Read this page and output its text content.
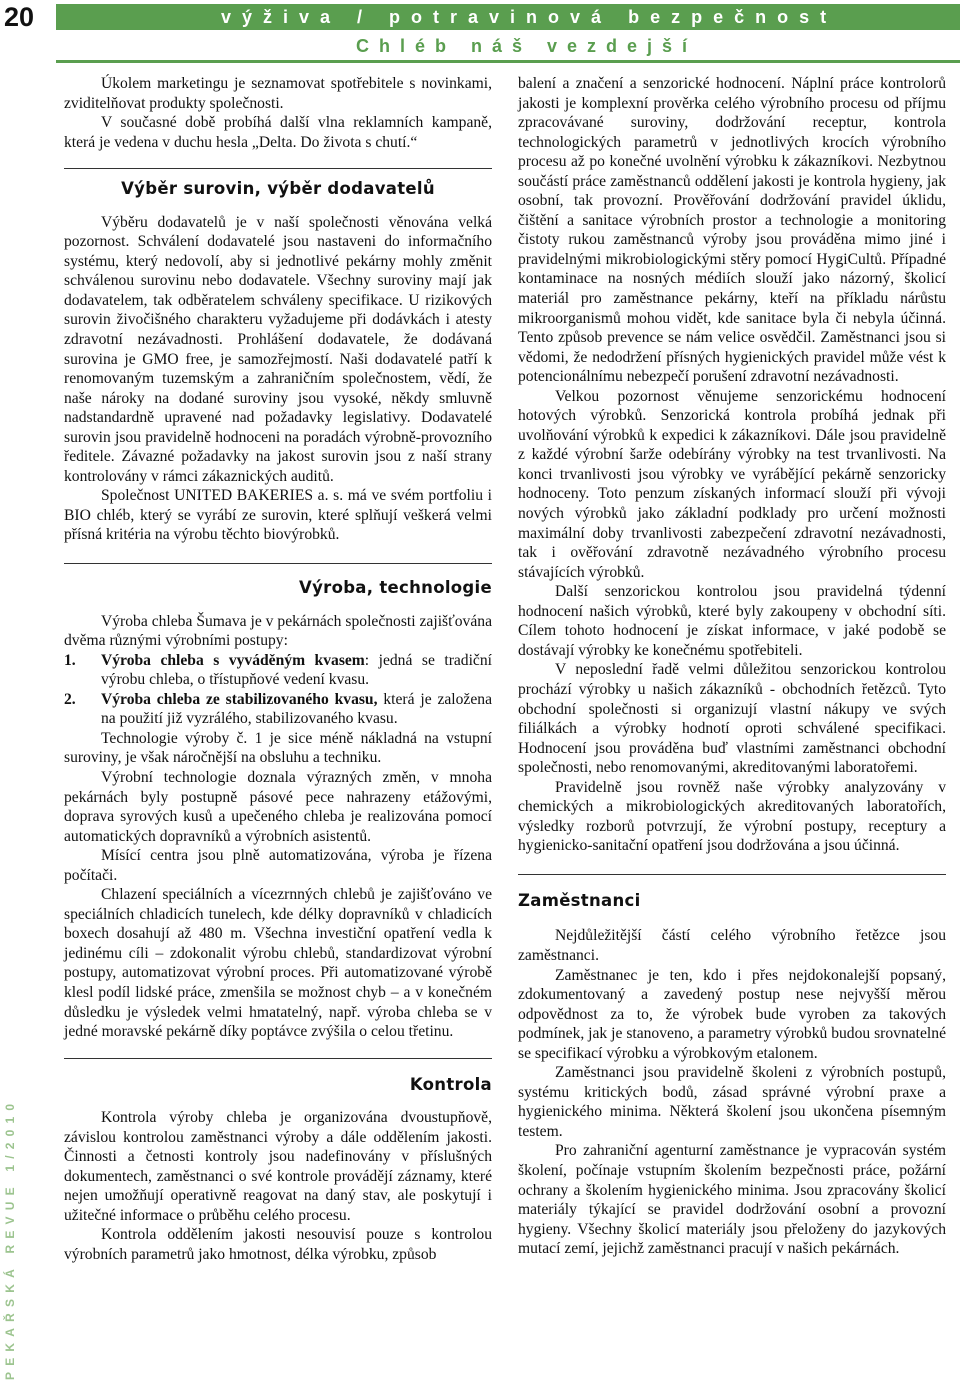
20	výživa / potravinová bezpečnost
Chléb náš vezdejší
PEKAŘSKÁ REVUE 1/2010

Úkolem marketingu je seznamovat spotřebitele s novinkami, zviditelňovat produkty společnosti.

V současné době probíhá další vlna reklamních kampaně, která je vedena v duchu hesla „Delta. Do života s chutí.“

Výběr surovin, výběr dodavatelů

Výběru dodavatelů je v naší společnosti věnována velká pozornost. Schválení dodavatelé jsou nastaveni do informačního systému, který nedovolí, aby si jednotlivé pekárny mohly změnit schválenou surovinu nebo dodavatele. Všechny suroviny mají jak dodavatelem, tak odběratelem schváleny specifikace. U rizikových surovin živočišného charakteru vyžadujeme při dodávkách i atesty zdravotní nezávadnosti. Prohlášení dodavatele, že dodávaná surovina je GMO free, je samozřejmostí. Naši dodavatelé patří k renomovaným tuzemským a zahraničním společnostem, vědí, že naše nároky na dodané suroviny jsou vysoké, někdy smluvně nadstandardně upravené nad požadavky legislativy. Dodavatelé surovin jsou pravidelně hodnoceni na poradách výrobně-provozního ředitele. Závazné požadavky na jakost surovin jsou z naší strany kontrolovány v rámci zákaznických auditů.

Společnost UNITED BAKERIES a. s. má ve svém portfoliu i BIO chléb, který se vyrábí ze surovin, které splňují veškerá velmi přísná kritéria na výrobu těchto biovýrobků.

Výroba, technologie

Výroba chleba Šumava je v pekárnách společnosti zajišťována dvěma různými výrobními postupy:

1. Výroba chleba s vyváděným kvasem: jedná se tradiční výrobu chleba, o třístupňové vedení kvasu.
2. Výroba chleba ze stabilizovaného kvasu, která je založena na použití již vyzrálého, stabilizovaného kvasu.

Technologie výroby č. 1 je sice méně nákladná na vstupní suroviny, je však náročnější na obsluhu a techniku.

Výrobní technologie doznala výrazných změn, v mnoha pekárnách byly postupně pásové pece nahrazeny etážovými, doprava syrových kusů a upečeného chleba je realizována pomocí automatických dopravníků a výrobních asistentů.

Mísící centra jsou plně automatizována, výroba je řízena počítači.

Chlazení speciálních a vícezrnných chlebů je zajišťováno ve speciálních chladicích tunelech, kde délky dopravníků v chladicích boxech dosahují až 480 m. Všechna investiční opatření vedla k jedinému cíli – zdokonalit výrobu chlebů, standardizovat výrobní postupy, automatizovat výrobní proces. Při automatizované výrobě klesl podíl lidské práce, zmenšila se možnost chyb – a v konečném důsledku je výsledek velmi hmatatelný, např. výroba chleba se v jedné moravské pekárně díky poptávce zvýšila o celou třetinu.

Kontrola

Kontrola výroby chleba je organizována dvoustupňově, závislou kontrolou zaměstnanci výroby a dále oddělením jakosti. Činnosti a četnosti kontroly jsou nadefinovány v příslušných dokumentech, zaměstnanci o své kontrole provádějí záznamy, které nejen umožňují operativně reagovat na daný stav, ale poskytují i užitečné informace o průběhu celého procesu.

Kontrola oddělením jakosti nesouvisí pouze s kontrolou výrobních parametrů jako hmotnost, délka výrobku, způsob

balení a značení a senzorické hodnocení. Náplní práce kontrolorů jakosti je komplexní prověrka celého výrobního procesu od příjmu zpracovávané suroviny, dodržování receptur, kontrola technologických parametrů v jednotlivých krocích výrobního procesu až po konečné uvolnění výrobku k zákazníkovi. Nezbytnou součástí práce zaměstnanců oddělení jakosti je kontrola hygieny, jak osobní, tak provozní. Prověřování dodržování pravidel úklidu, čištění a sanitace výrobních prostor a technologie a monitoring čistoty rukou zaměstnanců výroby jsou prováděna mimo jiné i pravidelnými mikrobiologickými stěry pomocí HygiCultů. Případné kontaminace na nosných médiích slouží jako názorný, školicí materiál pro zaměstnance pekárny, kteří na příkladu nárůstu mikroorganismů mohou vidět, kde sanitace byla či nebyla účinná. Tento způsob prevence se nám velice osvědčil. Zaměstnanci jsou si vědomi, že nedodržení přísných hygienických pravidel může vést k potencionálnímu nebezpečí porušení zdravotní nezávadnosti.

Velkou pozornost věnujeme senzorickému hodnocení hotových výrobků. Senzorická kontrola probíhá jednak při uvolňování výrobků k expedici k zákazníkovi. Dále jsou pravidelně z každé výrobní šarže odebírány výrobky na test trvanlivosti. Na konci trvanlivosti jsou výrobky ve vyrábějící pekárně senzoricky hodnoceny. Toto penzum získaných informací slouží při vývoji nových výrobků jako základní podklady pro určení možnosti maximální doby trvanlivosti zabezpečení zdravotní nezávadnosti, tak i ověřování zdravotně nezávadného výrobního procesu stávajících výrobků.

Další senzorickou kontrolou jsou pravidelná týdenní hodnocení našich výrobků, které byly zakoupeny v obchodní síti. Cílem tohoto hodnocení je získat informace, v jaké podobě se dostávají výrobky ke konečnému spotřebiteli.

V neposlední řadě velmi důležitou senzorickou kontrolou prochází výrobky u našich zákazníků - obchodních řetězců. Tyto obchodní společnosti si organizují vlastní nákupy ve svých filiálkách a výrobky hodnotí oproti schválené specifikaci. Hodnocení jsou prováděna buď vlastními zaměstnanci obchodní společnosti, nebo renomovanými, akreditovanými laboratořemi.

Pravidelně jsou rovněž naše výrobky analyzovány v chemických a mikrobiologických akreditovaných laboratořích, výsledky rozborů potvrzují, že výrobní postupy, receptury a hygienicko-sanitační opatření jsou dodržována a jsou účinná.

Zaměstnanci

Nejdůležitější částí celého výrobního řetězce jsou zaměstnanci.

Zaměstnanec je ten, kdo i přes nejdokonalejší popsaný, zdokumentovaný a zavedený postup nese nejvyšší měrou odpovědnost za to, že výrobek bude vyroben za takových podmínek, jak je stanoveno, a parametry výrobků budou srovnatelné se specifikací výrobku a výrobkovým etalonem.

Zaměstnanci jsou pravidelně školeni z výrobních postupů, systému kritických bodů, zásad správné výrobní praxe a hygienického minima. Některá školení jsou ukončena písemným testem.

Pro zahraniční agenturní zaměstnance je vypracován systém školení, počínaje vstupním školením bezpečnosti práce, požární ochrany a školením hygienického minima. Jsou zpracovány školicí materiály týkající se pravidel dodržování osobní a provozní hygieny. Všechny školicí materiály jsou přeloženy do jazykových mutací zemí, jejichž zaměstnanci pracují v našich pekárnách.
